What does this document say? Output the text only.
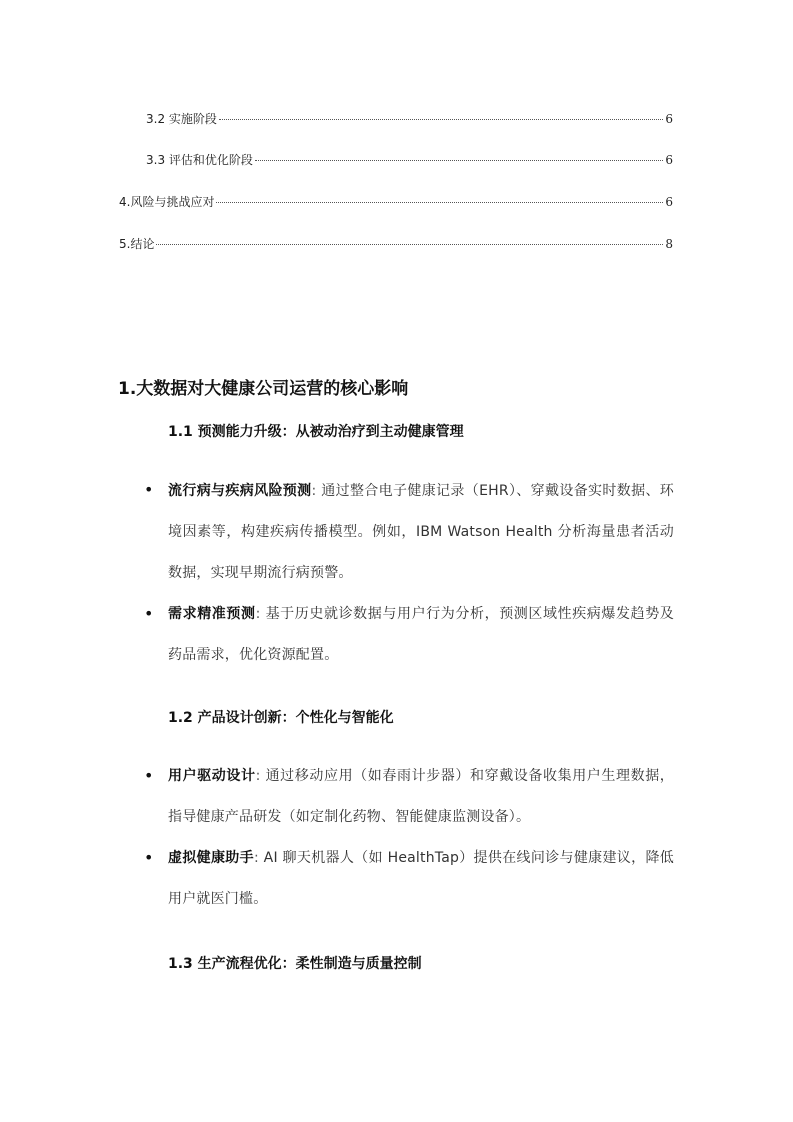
3.2 实施阶段	6
3.3 评估和优化阶段	6
4.风险与挑战应对	6
5.结论	8
1.大数据对大健康公司运营的核心影响
1.1 预测能力升级：从被动治疗到主动健康管理
• 流行病与疾病风险预测: 通过整合电子健康记录（EHR）、穿戴设备实时数据、环境因素等，构建疾病传播模型。例如，IBM Watson Health 分析海量患者活动数据，实现早期流行病预警。
• 需求精准预测: 基于历史就诊数据与用户行为分析，预测区域性疾病爆发趋势及药品需求，优化资源配置。
1.2 产品设计创新：个性化与智能化
• 用户驱动设计: 通过移动应用（如春雨计步器）和穿戴设备收集用户生理数据，指导健康产品研发（如定制化药物、智能健康监测设备）。
• 虚拟健康助手: AI 聊天机器人（如 HealthTap）提供在线问诊与健康建议，降低用户就医门槛。
1.3 生产流程优化：柔性制造与质量控制
